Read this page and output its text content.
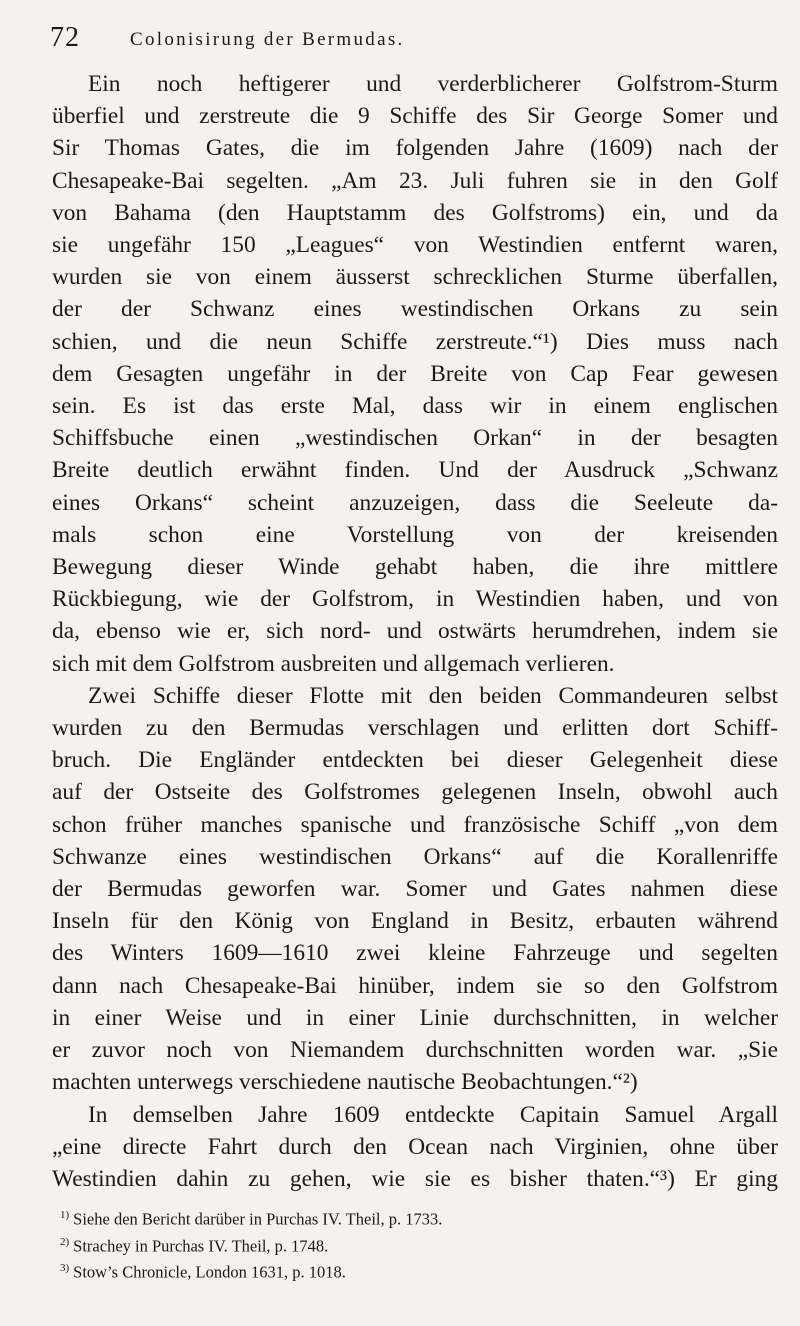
72	Colonisirung der Bermudas.

Ein noch heftigerer und verderblicherer Golfstrom-Sturm
überfiel und zerstreute die 9 Schiffe des Sir George Somer und
Sir Thomas Gates, die im folgenden Jahre (1609) nach der
Chesapeake-Bai segelten. „Am 23. Juli fuhren sie in den Golf
von Bahama (den Hauptstamm des Golfstroms) ein, und da
sie ungefähr 150 „Leagues“ von Westindien entfernt waren,
wurden sie von einem äusserst schrecklichen Sturme überfallen,
der der Schwanz eines westindischen Orkans zu sein
schien, und die neun Schiffe zerstreute.“¹) Dies muss nach
dem Gesagten ungefähr in der Breite von Cap Fear gewesen
sein. Es ist das erste Mal, dass wir in einem englischen
Schiffsbuche einen „westindischen Orkan“ in der besagten
Breite deutlich erwähnt finden. Und der Ausdruck „Schwanz
eines Orkans“ scheint anzuzeigen, dass die Seeleute da-
mals schon eine Vorstellung von der kreisenden
Bewegung dieser Winde gehabt haben, die ihre mittlere
Rückbiegung, wie der Golfstrom, in Westindien haben, und von
da, ebenso wie er, sich nord- und ostwärts herumdrehen, indem sie
sich mit dem Golfstrom ausbreiten und allgemach verlieren.

Zwei Schiffe dieser Flotte mit den beiden Commandeuren selbst
wurden zu den Bermudas verschlagen und erlitten dort Schiff-
bruch. Die Engländer entdeckten bei dieser Gelegenheit diese
auf der Ostseite des Golfstromes gelegenen Inseln, obwohl auch
schon früher manches spanische und französische Schiff „von dem
Schwanze eines westindischen Orkans“ auf die Korallenriffe
der Bermudas geworfen war. Somer und Gates nahmen diese
Inseln für den König von England in Besitz, erbauten während
des Winters 1609—1610 zwei kleine Fahrzeuge und segelten
dann nach Chesapeake-Bai hinüber, indem sie so den Golfstrom
in einer Weise und in einer Linie durchschnitten, in welcher
er zuvor noch von Niemandem durchschnitten worden war. „Sie
machten unterwegs verschiedene nautische Beobachtungen.“²)

In demselben Jahre 1609 entdeckte Capitain Samuel Argall
„eine directe Fahrt durch den Ocean nach Virginien, ohne über
Westindien dahin zu gehen, wie sie es bisher thaten.“³) Er ging

$^{1)}$ Siehe den Bericht darüber in Purchas IV. Theil, p. 1733.
$^{2)}$ Strachey in Purchas IV. Theil, p. 1748.
$^{3)}$ Stow’s Chronicle, London 1631, p. 1018.
